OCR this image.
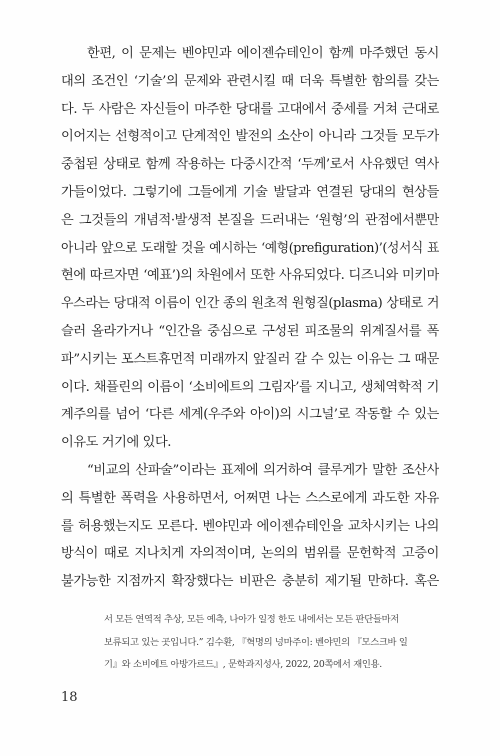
한편, 이 문제는 벤야민과 에이젠슈테인이 함께 마주했던 동시
대의 조건인 ‘기술’의 문제와 관련시킬 때 더욱 특별한 함의를 갖는
다. 두 사람은 자신들이 마주한 당대를 고대에서 중세를 거쳐 근대로
이어지는 선형적이고 단계적인 발전의 소산이 아니라 그것들 모두가
중첩된 상태로 함께 작용하는 다중시간적 ‘두께’로서 사유했던 역사
가들이었다. 그렇기에 그들에게 기술 발달과 연결된 당대의 현상들
은 그것들의 개념적·발생적 본질을 드러내는 ‘원형’의 관점에서뿐만
아니라 앞으로 도래할 것을 예시하는 ‘예형(prefiguration)’(성서식 표
현에 따르자면 ‘예표’)의 차원에서 또한 사유되었다. 디즈니와 미키마
우스라는 당대적 이름이 인간 종의 원초적 원형질(plasma) 상태로 거
슬러 올라가거나 “인간을 중심으로 구성된 피조물의 위계질서를 폭
파”시키는 포스트휴먼적 미래까지 앞질러 갈 수 있는 이유는 그 때문
이다. 채플린의 이름이 ‘소비에트의 그림자’를 지니고, 생체역학적 기
계주의를 넘어 ‘다른 세계(우주와 아이)의 시그널’로 작동할 수 있는
이유도 거기에 있다.
“비교의 산파술”이라는 표제에 의거하여 클루게가 말한 조산사
의 특별한 폭력을 사용하면서, 어쩌면 나는 스스로에게 과도한 자유
를 허용했는지도 모른다. 벤야민과 에이젠슈테인을 교차시키는 나의
방식이 때로 지나치게 자의적이며, 논의의 범위를 문헌학적 고증이
불가능한 지점까지 확장했다는 비판은 충분히 제기될 만하다. 혹은
서 모든 연역적 추상, 모든 예측, 나아가 일정 한도 내에서는 모든 판단들마저
보류되고 있는 곳입니다.” 김수환, 『혁명의 넝마주이: 벤야민의 『모스크바 일
기』와 소비에트 아방가르드』, 문학과지성사, 2022, 20쪽에서 재인용.
18
